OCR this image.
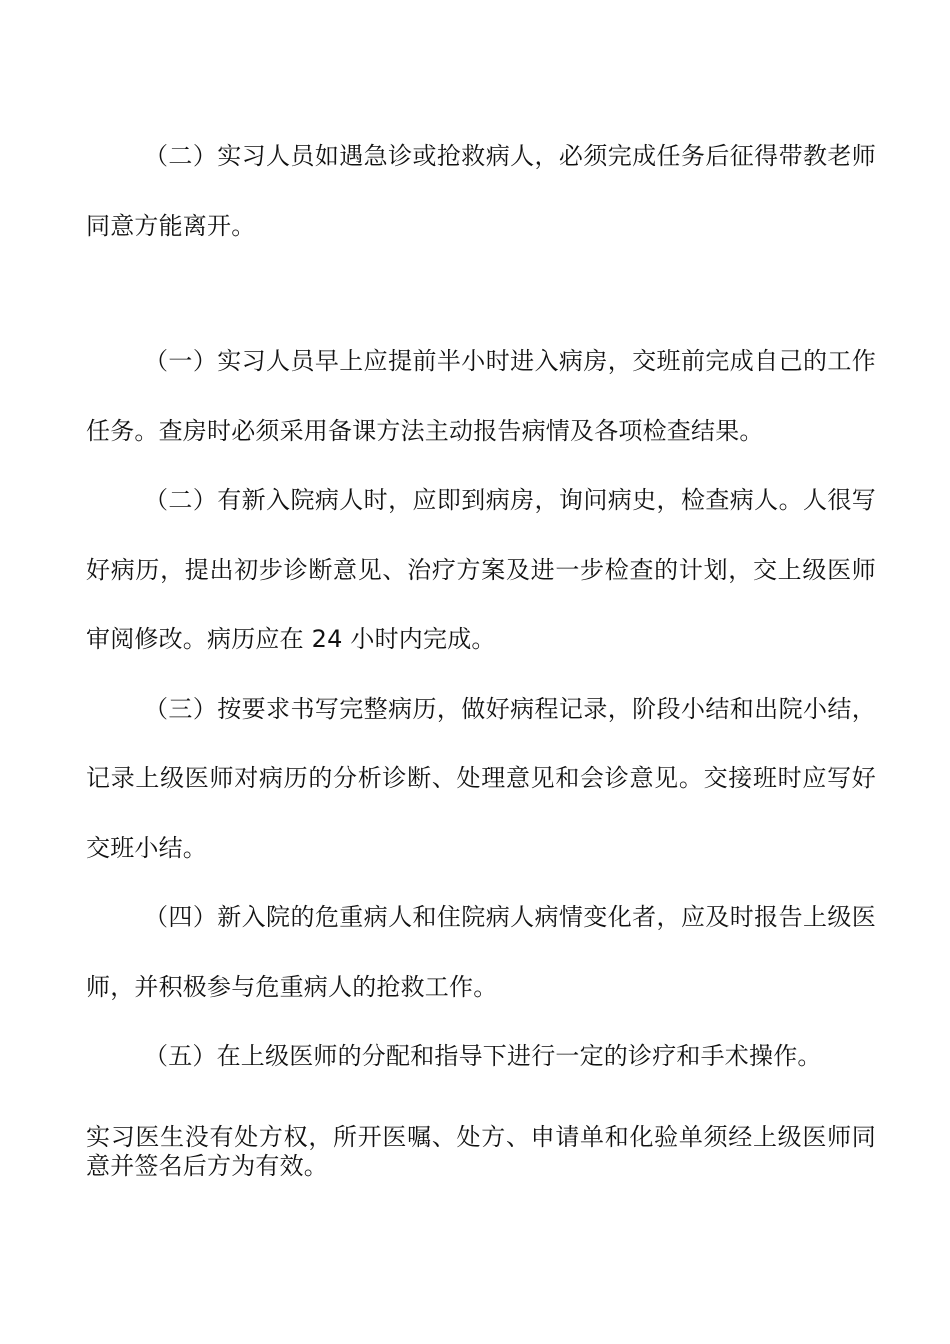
（二）实习人员如遇急诊或抢救病人，必须完成任务后征得带教老师
同意方能离开。
（一）实习人员早上应提前半小时进入病房，交班前完成自己的工作
任务。查房时必须采用备课方法主动报告病情及各项检查结果。
（二）有新入院病人时，应即到病房，询问病史，检查病人。人很写
好病历，提出初步诊断意见、治疗方案及进一步检查的计划，交上级医师
审阅修改。病历应在 24 小时内完成。
（三）按要求书写完整病历，做好病程记录，阶段小结和出院小结，
记录上级医师对病历的分析诊断、处理意见和会诊意见。交接班时应写好
交班小结。
（四）新入院的危重病人和住院病人病情变化者，应及时报告上级医
师，并积极参与危重病人的抢救工作。
（五）在上级医师的分配和指导下进行一定的诊疗和手术操作。
实习医生没有处方权，所开医嘱、处方、申请单和化验单须经上级医师同
意并签名后方为有效。
